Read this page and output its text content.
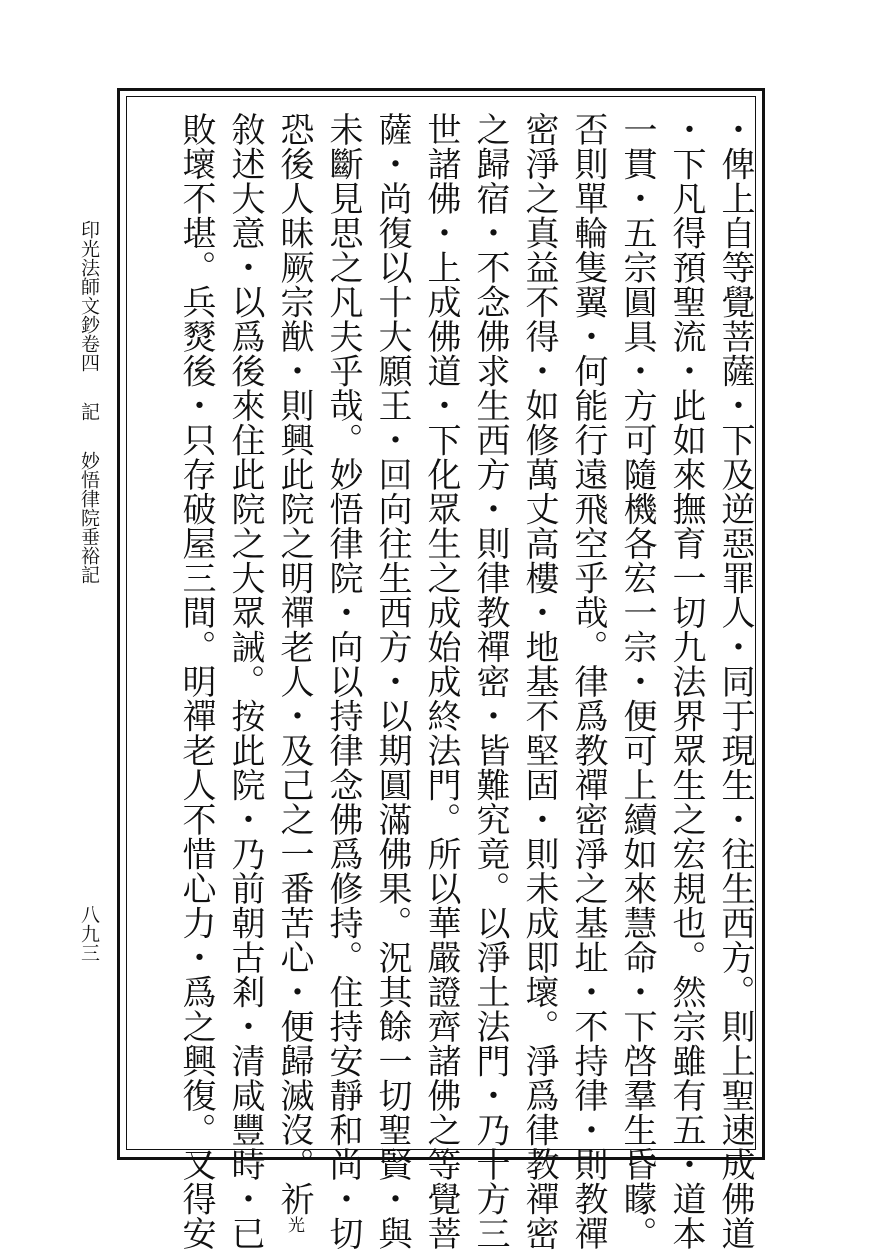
印光法師文鈔卷四記妙悟律院垂裕記
八九三	・俾上自等覺菩薩・下及逆惡罪人・同于現生・往生西方。則上聖速成佛道
・下凡得預聖流・此如來撫育一切九法界眾生之宏規也。然宗雖有五・道本
一貫・五宗圓具・方可隨機各宏一宗・便可上續如來慧命・下啓羣生昏矇。
否則單輪隻翼・何能行遠飛空乎哉。律爲教禪密淨之基址・不持律・則教禪
密淨之真益不得・如修萬丈高樓・地基不堅固・則未成即壞。淨爲律教禪密
之歸宿・不念佛求生西方・則律教禪密・皆難究竟。以淨土法門・乃十方三
世諸佛・上成佛道・下化眾生之成始成終法門。所以華嚴證齊諸佛之等覺菩
薩・尚復以十大願王・回向往生西方・以期圓滿佛果。況其餘一切聖賢・與
未斷見思之凡夫乎哉。妙悟律院・向以持律念佛爲修持。住持安靜和尚・切
恐後人昧厥宗猷・則興此院之明禪老人・及己之一番苦心・便歸滅沒。祈光
敘述大意・以爲後來住此院之大眾誡。按此院・乃前朝古剎・清咸豐時・已
敗壞不堪。兵燹後・只存破屋三間。明禪老人不惜心力・爲之興復。又得安
